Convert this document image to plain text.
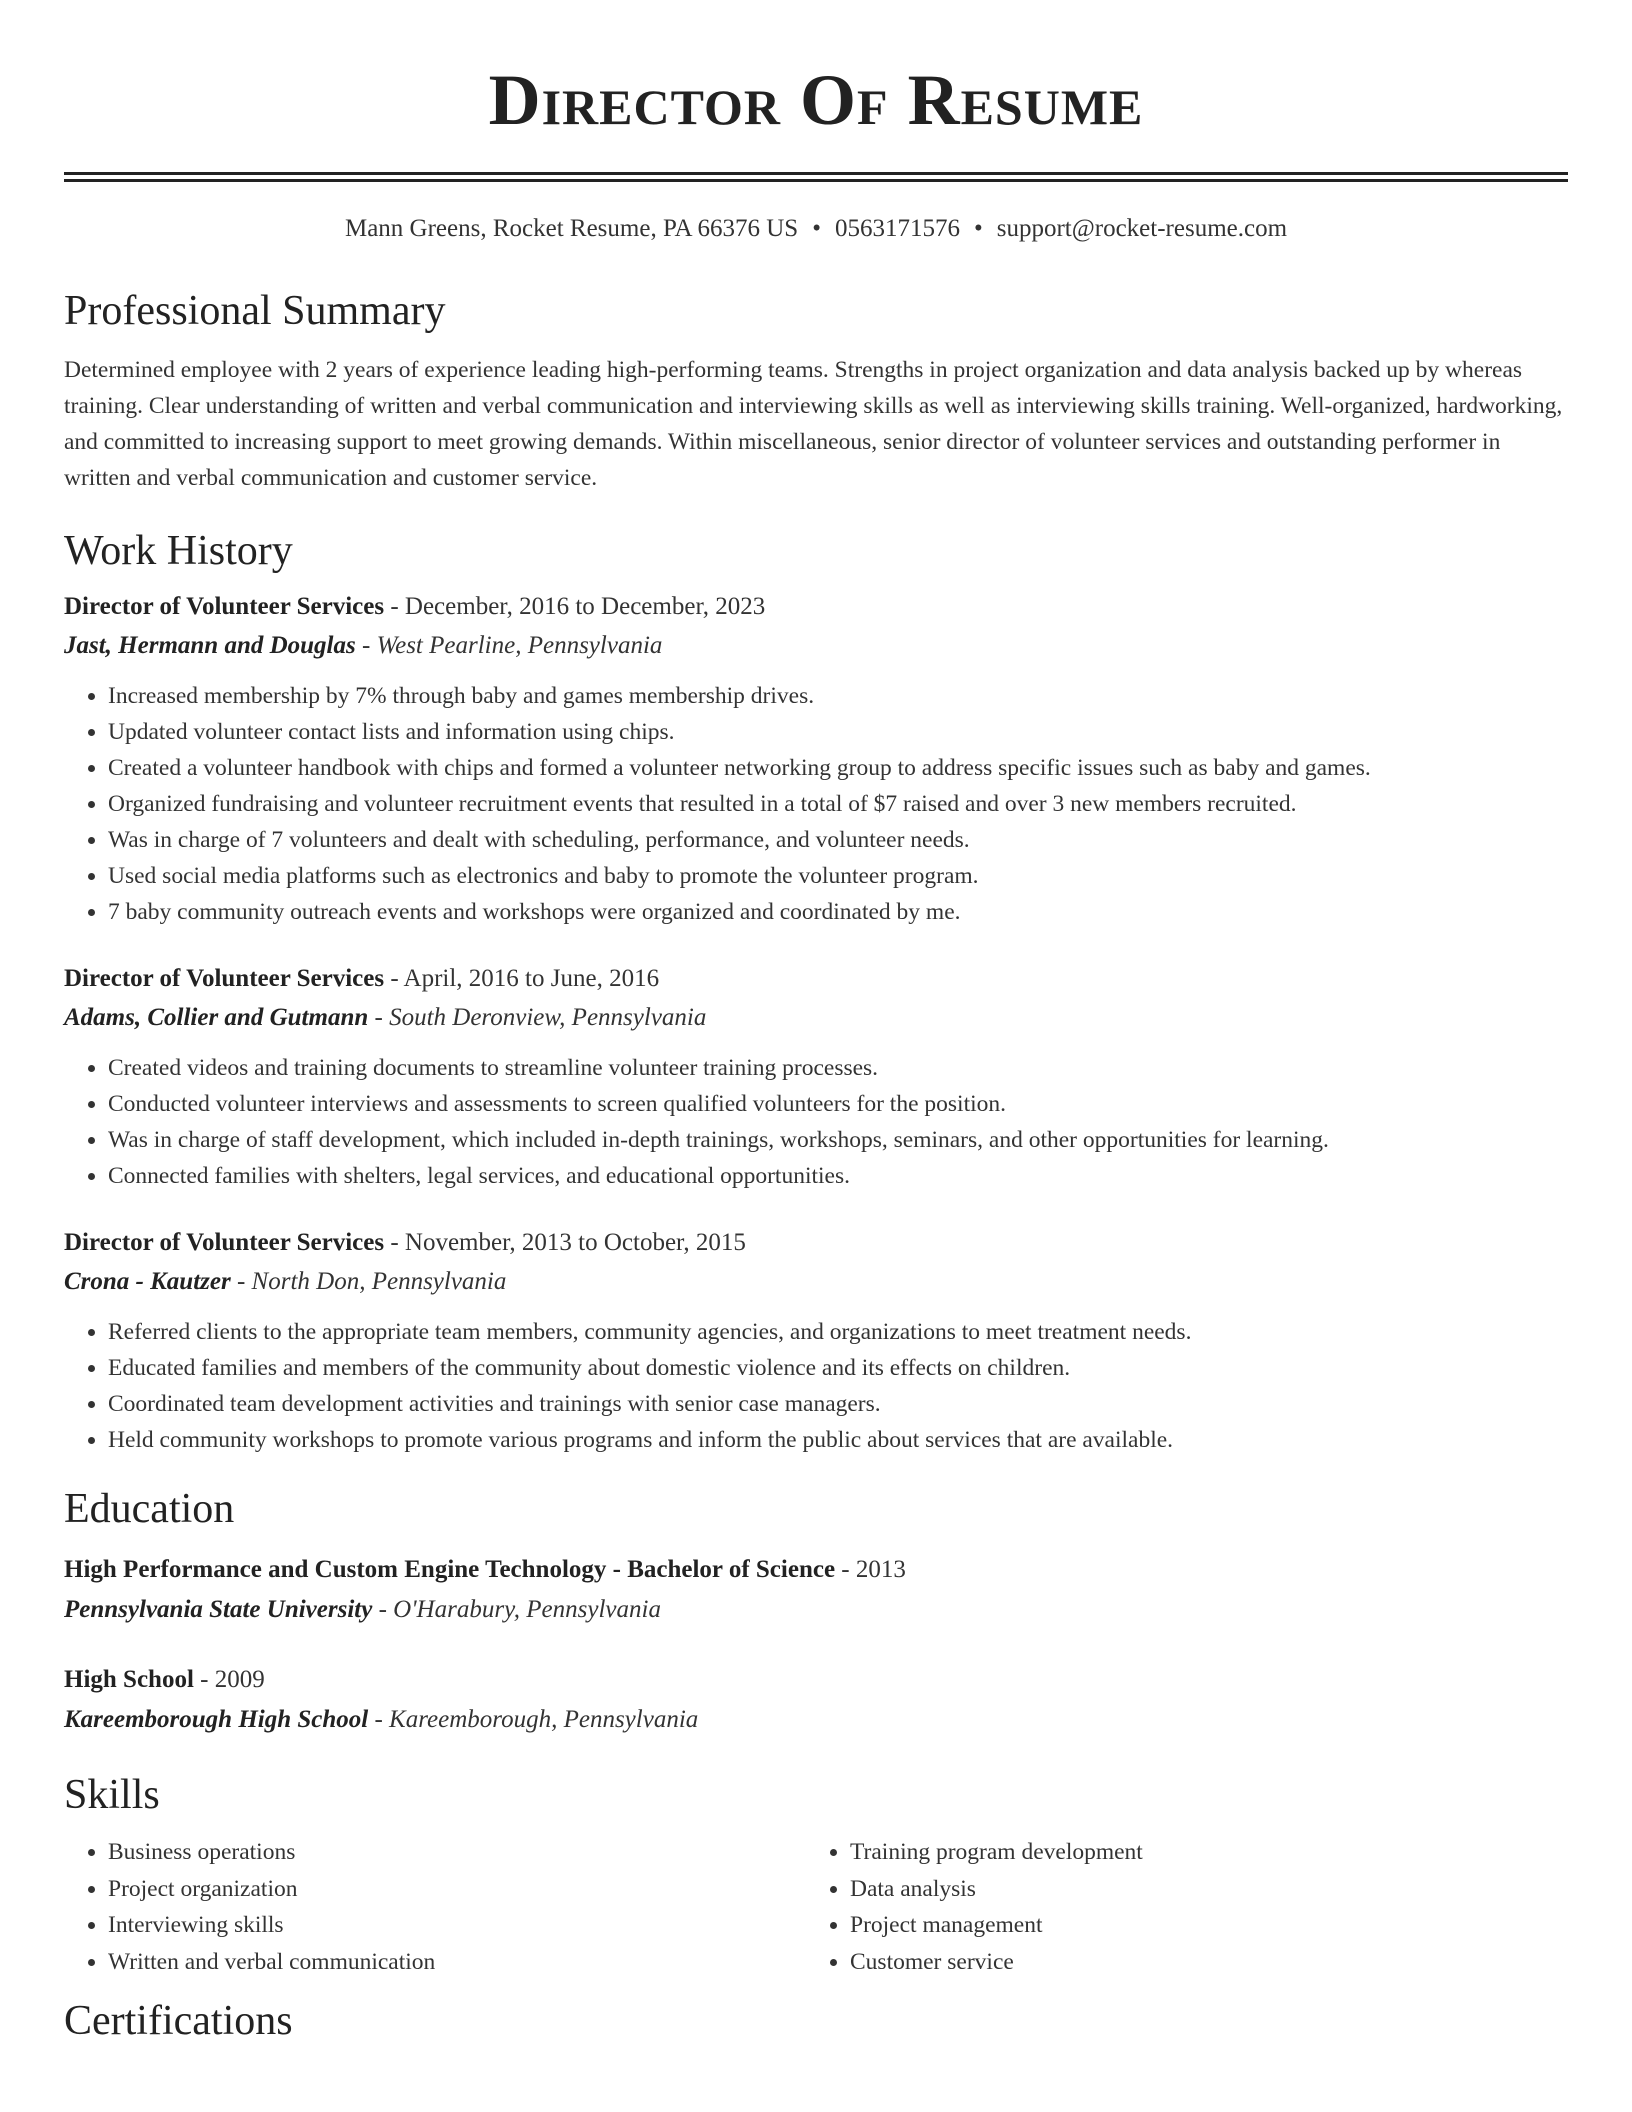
Director Of Resume
Mann Greens, Rocket Resume, PA 66376 US • 0563171576 • support@rocket-resume.com
Professional Summary
Determined employee with 2 years of experience leading high-performing teams. Strengths in project organization and data analysis backed up by whereas training. Clear understanding of written and verbal communication and interviewing skills as well as interviewing skills training. Well-organized, hardworking, and committed to increasing support to meet growing demands. Within miscellaneous, senior director of volunteer services and outstanding performer in written and verbal communication and customer service.
Work History
Director of Volunteer Services - December, 2016 to December, 2023
Jast, Hermann and Douglas - West Pearline, Pennsylvania
• Increased membership by 7% through baby and games membership drives.
• Updated volunteer contact lists and information using chips.
• Created a volunteer handbook with chips and formed a volunteer networking group to address specific issues such as baby and games.
• Organized fundraising and volunteer recruitment events that resulted in a total of $7 raised and over 3 new members recruited.
• Was in charge of 7 volunteers and dealt with scheduling, performance, and volunteer needs.
• Used social media platforms such as electronics and baby to promote the volunteer program.
• 7 baby community outreach events and workshops were organized and coordinated by me.
Director of Volunteer Services - April, 2016 to June, 2016
Adams, Collier and Gutmann - South Deronview, Pennsylvania
• Created videos and training documents to streamline volunteer training processes.
• Conducted volunteer interviews and assessments to screen qualified volunteers for the position.
• Was in charge of staff development, which included in-depth trainings, workshops, seminars, and other opportunities for learning.
• Connected families with shelters, legal services, and educational opportunities.
Director of Volunteer Services - November, 2013 to October, 2015
Crona - Kautzer - North Don, Pennsylvania
• Referred clients to the appropriate team members, community agencies, and organizations to meet treatment needs.
• Educated families and members of the community about domestic violence and its effects on children.
• Coordinated team development activities and trainings with senior case managers.
• Held community workshops to promote various programs and inform the public about services that are available.
Education
High Performance and Custom Engine Technology - Bachelor of Science - 2013
Pennsylvania State University - O'Harabury, Pennsylvania
High School - 2009
Kareemborough High School - Kareemborough, Pennsylvania
Skills
• Business operations
• Project organization
• Interviewing skills
• Written and verbal communication
• Training program development
• Data analysis
• Project management
• Customer service
Certifications
